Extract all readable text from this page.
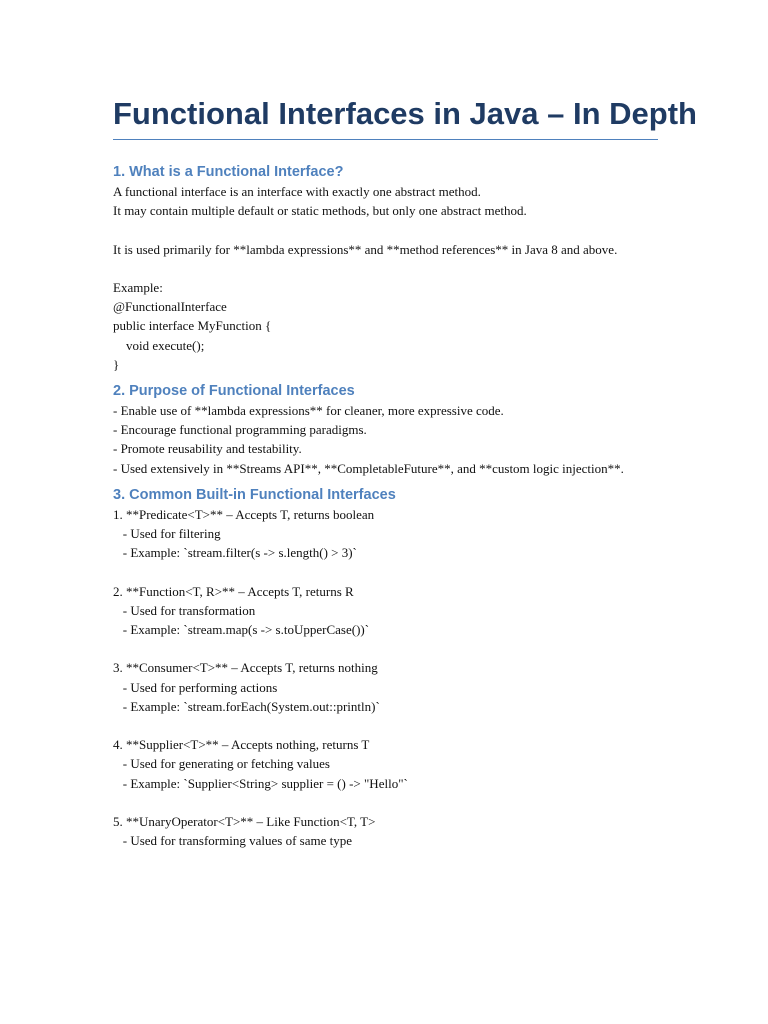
Functional Interfaces in Java – In Depth
1. What is a Functional Interface?

A functional interface is an interface with exactly one abstract method.
It may contain multiple default or static methods, but only one abstract method.

It is used primarily for **lambda expressions** and **method references** in Java 8 and above.

Example:
@FunctionalInterface
public interface MyFunction {
void execute();
}

2. Purpose of Functional Interfaces

- Enable use of **lambda expressions** for cleaner, more expressive code.
- Encourage functional programming paradigms.
- Promote reusability and testability.
- Used extensively in **Streams API**, **CompletableFuture**, and **custom logic injection**.

3. Common Built-in Functional Interfaces

1. **Predicate<T>** – Accepts T, returns boolean
- Used for filtering
- Example: `stream.filter(s -> s.length() > 3)`

2. **Function<T, R>** – Accepts T, returns R
- Used for transformation
- Example: `stream.map(s -> s.toUpperCase())`

3. **Consumer<T>** – Accepts T, returns nothing
- Used for performing actions
- Example: `stream.forEach(System.out::println)`

4. **Supplier<T>** – Accepts nothing, returns T
- Used for generating or fetching values
- Example: `Supplier<String> supplier = () -> "Hello"`

5. **UnaryOperator<T>** – Like Function<T, T>
- Used for transforming values of same type
